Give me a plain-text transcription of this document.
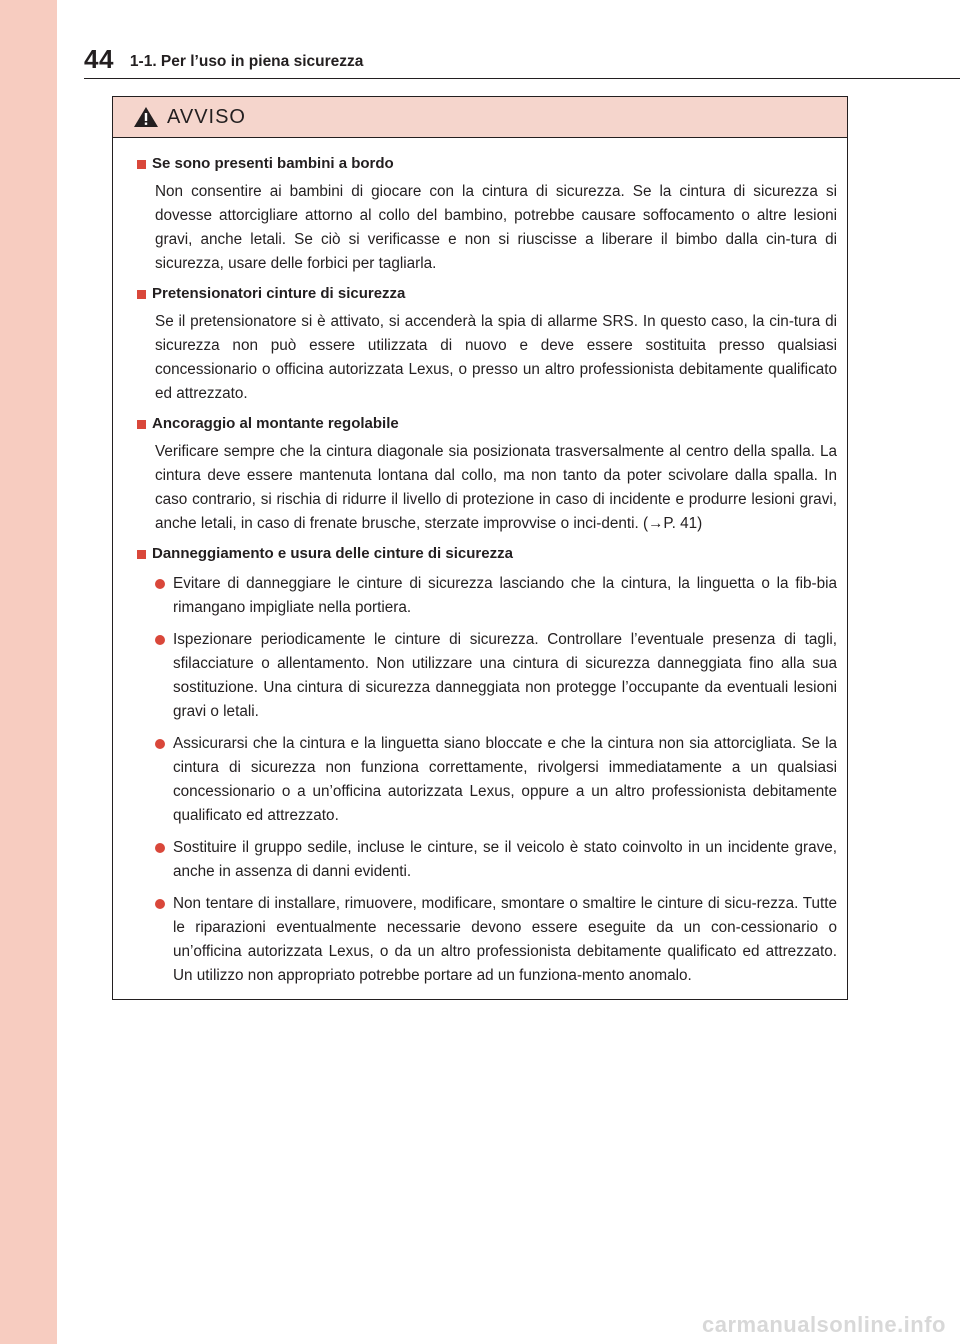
44 1-1. Per l’uso in piena sicurezza
AVVISO
Se sono presenti bambini a bordo
Non consentire ai bambini di giocare con la cintura di sicurezza. Se la cintura di sicurezza si dovesse attorcigliare attorno al collo del bambino, potrebbe causare soffocamento o altre lesioni gravi, anche letali. Se ciò si verificasse e non si riuscisse a liberare il bimbo dalla cin-tura di sicurezza, usare delle forbici per tagliarla.
Pretensionatori cinture di sicurezza
Se il pretensionatore si è attivato, si accenderà la spia di allarme SRS. In questo caso, la cin-tura di sicurezza non può essere utilizzata di nuovo e deve essere sostituita presso qualsiasi concessionario o officina autorizzata Lexus, o presso un altro professionista debitamente qualificato ed attrezzato.
Ancoraggio al montante regolabile
Verificare sempre che la cintura diagonale sia posizionata trasversalmente al centro della spalla. La cintura deve essere mantenuta lontana dal collo, ma non tanto da poter scivolare dalla spalla. In caso contrario, si rischia di ridurre il livello di protezione in caso di incidente e produrre lesioni gravi, anche letali, in caso di frenate brusche, sterzate improvvise o inci-denti. (→P. 41)
Danneggiamento e usura delle cinture di sicurezza
Evitare di danneggiare le cinture di sicurezza lasciando che la cintura, la linguetta o la fib-bia rimangano impigliate nella portiera.
Ispezionare periodicamente le cinture di sicurezza. Controllare l’eventuale presenza di tagli, sfilacciature o allentamento. Non utilizzare una cintura di sicurezza danneggiata fino alla sua sostituzione. Una cintura di sicurezza danneggiata non protegge l’occupante da eventuali lesioni gravi o letali.
Assicurarsi che la cintura e la linguetta siano bloccate e che la cintura non sia attorcigliata. Se la cintura di sicurezza non funziona correttamente, rivolgersi immediatamente a un qualsiasi concessionario o a un’officina autorizzata Lexus, oppure a un altro professionista debitamente qualificato ed attrezzato.
Sostituire il gruppo sedile, incluse le cinture, se il veicolo è stato coinvolto in un incidente grave, anche in assenza di danni evidenti.
Non tentare di installare, rimuovere, modificare, smontare o smaltire le cinture di sicu-rezza. Tutte le riparazioni eventualmente necessarie devono essere eseguite da un con-cessionario o un’officina autorizzata Lexus, o da un altro professionista debitamente qualificato ed attrezzato. Un utilizzo non appropriato potrebbe portare ad un funziona-mento anomalo.
carmanualsonline.info
